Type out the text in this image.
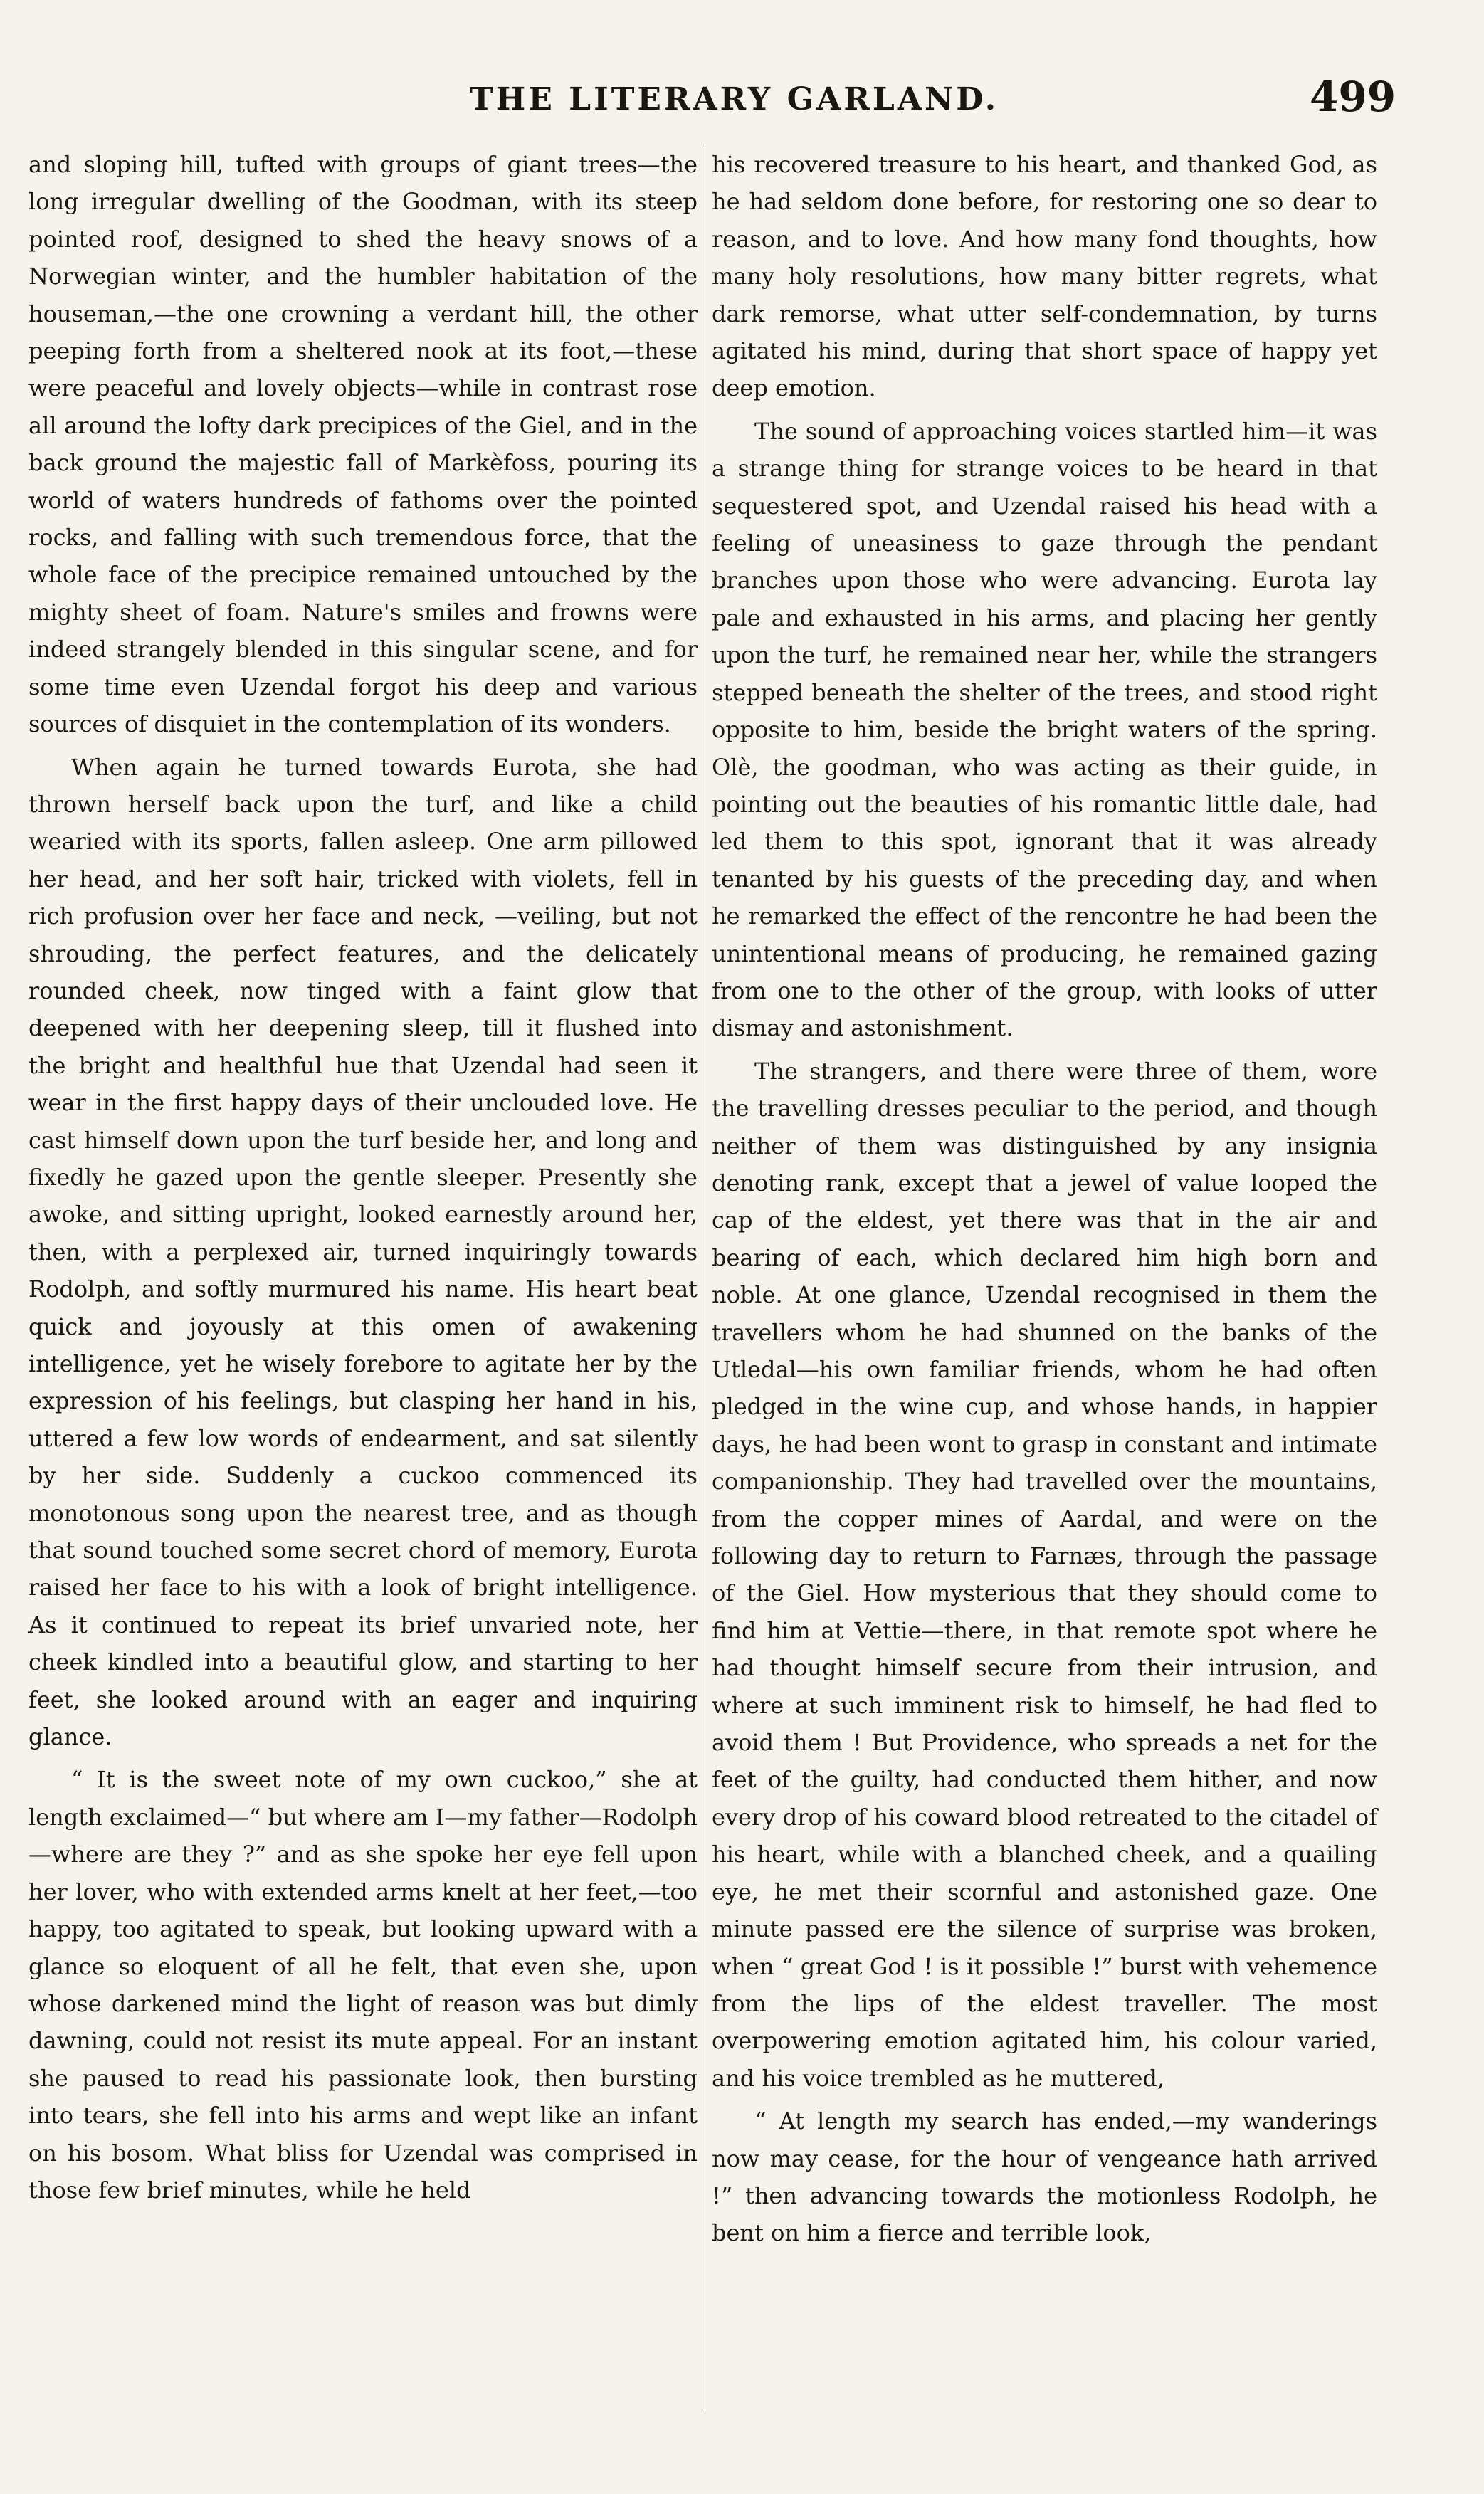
THE LITERARY GARLAND.	499

and sloping hill, tufted with groups of giant trees—the long irregular dwelling of the Goodman, with its steep pointed roof, designed to shed the heavy snows of a Norwegian winter, and the humbler habitation of the houseman,—the one crowning a verdant hill, the other peeping forth from a sheltered nook at its foot,—these were peaceful and lovely objects—while in contrast rose all around the lofty dark precipices of the Giel, and in the back ground the majestic fall of Markèfoss, pouring its world of waters hundreds of fathoms over the pointed rocks, and falling with such tremendous force, that the whole face of the precipice remained untouched by the mighty sheet of foam. Nature's smiles and frowns were indeed strangely blended in this singular scene, and for some time even Uzendal forgot his deep and various sources of disquiet in the contemplation of its wonders.

When again he turned towards Eurota, she had thrown herself back upon the turf, and like a child wearied with its sports, fallen asleep. One arm pillowed her head, and her soft hair, tricked with violets, fell in rich profusion over her face and neck, —veiling, but not shrouding, the perfect features, and the delicately rounded cheek, now tinged with a faint glow that deepened with her deepening sleep, till it flushed into the bright and healthful hue that Uzendal had seen it wear in the first happy days of their unclouded love. He cast himself down upon the turf beside her, and long and fixedly he gazed upon the gentle sleeper. Presently she awoke, and sitting upright, looked earnestly around her, then, with a perplexed air, turned inquiringly towards Rodolph, and softly murmured his name. His heart beat quick and joyously at this omen of awakening intelligence, yet he wisely forebore to agitate her by the expression of his feelings, but clasping her hand in his, uttered a few low words of endearment, and sat silently by her side. Suddenly a cuckoo commenced its monotonous song upon the nearest tree, and as though that sound touched some secret chord of memory, Eurota raised her face to his with a look of bright intelligence. As it continued to repeat its brief unvaried note, her cheek kindled into a beautiful glow, and starting to her feet, she looked around with an eager and inquiring glance.

“ It is the sweet note of my own cuckoo,” she at length exclaimed—“ but where am I—my father—Rodolph—where are they ?” and as she spoke her eye fell upon her lover, who with extended arms knelt at her feet,—too happy, too agitated to speak, but looking upward with a glance so eloquent of all he felt, that even she, upon whose darkened mind the light of reason was but dimly dawning, could not resist its mute appeal. For an instant she paused to read his passionate look, then bursting into tears, she fell into his arms and wept like an infant on his bosom. What bliss for Uzendal was comprised in those few brief minutes, while he held

his recovered treasure to his heart, and thanked God, as he had seldom done before, for restoring one so dear to reason, and to love. And how many fond thoughts, how many holy resolutions, how many bitter regrets, what dark remorse, what utter self-condemnation, by turns agitated his mind, during that short space of happy yet deep emotion.

The sound of approaching voices startled him—it was a strange thing for strange voices to be heard in that sequestered spot, and Uzendal raised his head with a feeling of uneasiness to gaze through the pendant branches upon those who were advancing. Eurota lay pale and exhausted in his arms, and placing her gently upon the turf, he remained near her, while the strangers stepped beneath the shelter of the trees, and stood right opposite to him, beside the bright waters of the spring. Olè, the goodman, who was acting as their guide, in pointing out the beauties of his romantic little dale, had led them to this spot, ignorant that it was already tenanted by his guests of the preceding day, and when he remarked the effect of the rencontre he had been the unintentional means of producing, he remained gazing from one to the other of the group, with looks of utter dismay and astonishment.

The strangers, and there were three of them, wore the travelling dresses peculiar to the period, and though neither of them was distinguished by any insignia denoting rank, except that a jewel of value looped the cap of the eldest, yet there was that in the air and bearing of each, which declared him high born and noble. At one glance, Uzendal recognised in them the travellers whom he had shunned on the banks of the Utledal—his own familiar friends, whom he had often pledged in the wine cup, and whose hands, in happier days, he had been wont to grasp in constant and intimate companionship. They had travelled over the mountains, from the copper mines of Aardal, and were on the following day to return to Farnæs, through the passage of the Giel. How mysterious that they should come to find him at Vettie—there, in that remote spot where he had thought himself secure from their intrusion, and where at such imminent risk to himself, he had fled to avoid them ! But Providence, who spreads a net for the feet of the guilty, had conducted them hither, and now every drop of his coward blood retreated to the citadel of his heart, while with a blanched cheek, and a quailing eye, he met their scornful and astonished gaze. One minute passed ere the silence of surprise was broken, when “ great God ! is it possible !” burst with vehemence from the lips of the eldest traveller. The most overpowering emotion agitated him, his colour varied, and his voice trembled as he muttered,

“ At length my search has ended,—my wanderings now may cease, for the hour of vengeance hath arrived !” then advancing towards the motionless Rodolph, he bent on him a fierce and terrible look,
